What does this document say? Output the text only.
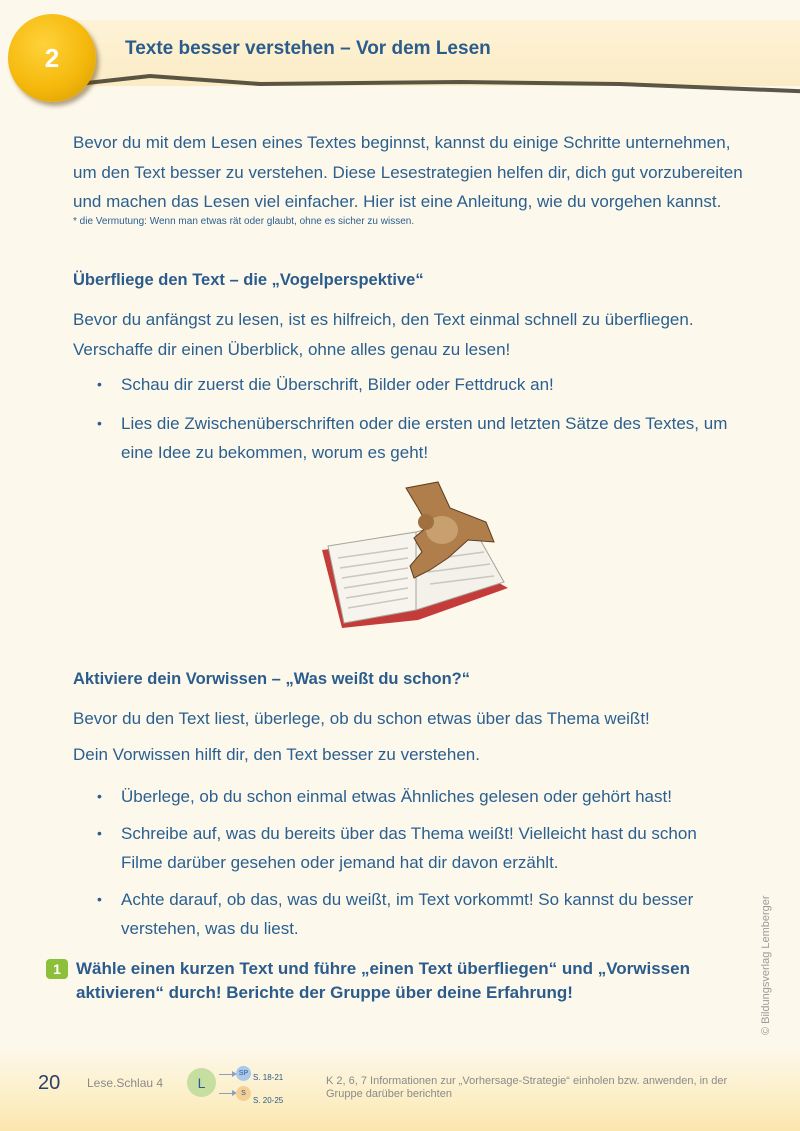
2	Texte besser verstehen – Vor dem Lesen

Bevor du mit dem Lesen eines Textes beginnst, kannst du einige Schritte unternehmen, um den Text besser zu verstehen. Diese Lesestrategien helfen dir, dich gut vorzubereiten und machen das Lesen viel einfacher. Hier ist eine Anleitung, wie du vorgehen kannst.

* die Vermutung: Wenn man etwas rät oder glaubt, ohne es sicher zu wissen.

Überfliege den Text – die „Vogelperspektive“

Bevor du anfängst zu lesen, ist es hilfreich, den Text einmal schnell zu überfliegen. Verschaffe dir einen Überblick, ohne alles genau zu lesen!

• Schau dir zuerst die Überschrift, Bilder oder Fettdruck an!
• Lies die Zwischenüberschriften oder die ersten und letzten Sätze des Textes, um eine Idee zu bekommen, worum es geht!
Aktiviere dein Vorwissen – „Was weißt du schon?“

Bevor du den Text liest, überlege, ob du schon etwas über das Thema weißt!

Dein Vorwissen hilft dir, den Text besser zu verstehen.

• Überlege, ob du schon einmal etwas Ähnliches gelesen oder gehört hast!
• Schreibe auf, was du bereits über das Thema weißt! Vielleicht hast du schon Filme darüber gesehen oder jemand hat dir davon erzählt.
• Achte darauf, ob das, was du weißt, im Text vorkommt! So kannst du besser verstehen, was du liest.
1 Wähle einen kurzen Text und führe „einen Text überfliegen“ und „Vorwissen aktivieren“ durch! Berichte der Gruppe über deine Erfahrung!	© Bildungsverlag Lemberger
20 Lese.Schlau 4	L
SP S. 18-21
S
S. 20-25
K 2, 6, 7 Informationen zur „Vorhersage-Strategie“ einholen bzw. anwenden, in der Gruppe darüber berichten
